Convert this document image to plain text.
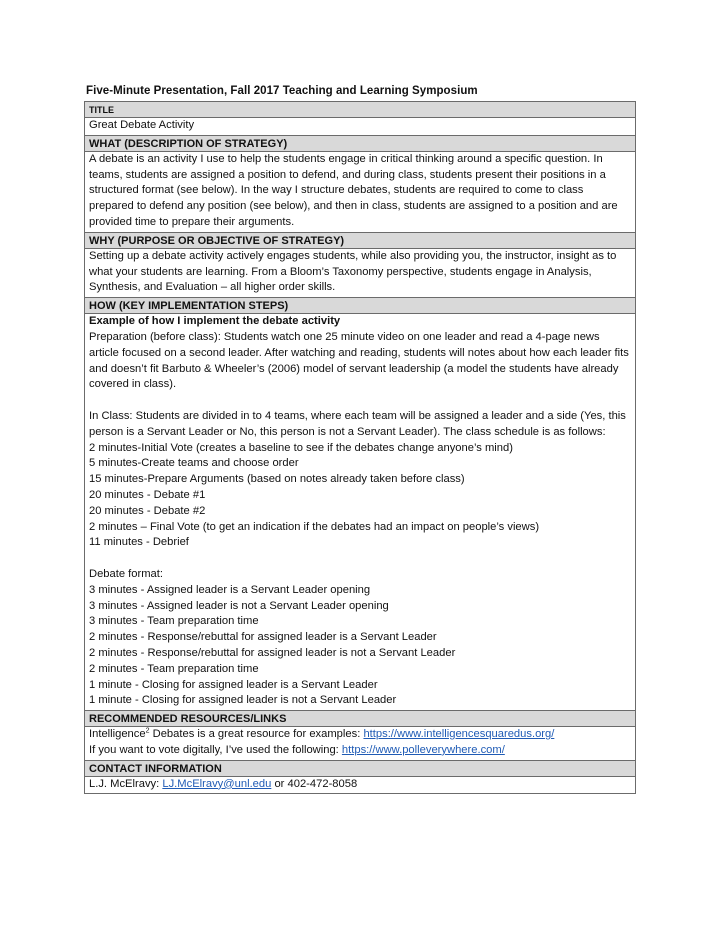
Five-Minute Presentation, Fall 2017 Teaching and Learning Symposium
TITLE
Great Debate Activity
WHAT (DESCRIPTION OF STRATEGY)

A debate is an activity I use to help the students engage in critical thinking around a specific question. In teams, students are assigned a position to defend, and during class, students present their positions in a structured format (see below). In the way I structure debates, students are required to come to class prepared to defend any position (see below), and then in class, students are assigned to a position and are provided time to prepare their arguments.

WHY (PURPOSE OR OBJECTIVE OF STRATEGY)

Setting up a debate activity actively engages students, while also providing you, the instructor, insight as to what your students are learning. From a Bloom’s Taxonomy perspective, students engage in Analysis, Synthesis, and Evaluation – all higher order skills.

HOW (KEY IMPLEMENTATION STEPS)
Example of how I implement the debate activity

Preparation (before class): Students watch one 25 minute video on one leader and read a 4-page news article focused on a second leader. After watching and reading, students will notes about how each leader fits and doesn’t fit Barbuto & Wheeler’s (2006) model of servant leadership (a model the students have already covered in class).

In Class: Students are divided in to 4 teams, where each team will be assigned a leader and a side (Yes, this person is a Servant Leader or No, this person is not a Servant Leader). The class schedule is as follows:

2 minutes-Initial Vote (creates a baseline to see if the debates change anyone’s mind)
5 minutes-Create teams and choose order
15 minutes-Prepare Arguments (based on notes already taken before class)
20 minutes - Debate #1
20 minutes - Debate #2
2 minutes – Final Vote (to get an indication if the debates had an impact on people’s views)
11 minutes - Debrief
Debate format:
3 minutes - Assigned leader is a Servant Leader opening
3 minutes - Assigned leader is not a Servant Leader opening
3 minutes - Team preparation time
2 minutes - Response/rebuttal for assigned leader is a Servant Leader
2 minutes - Response/rebuttal for assigned leader is not a Servant Leader
2 minutes - Team preparation time
1 minute - Closing for assigned leader is a Servant Leader
1 minute - Closing for assigned leader is not a Servant Leader
RECOMMENDED RESOURCES/LINKS
Intelligence$^2$ Debates is a great resource for examples: https://www.intelligencesquaredus.org/
If you want to vote digitally, I’ve used the following: https://www.polleverywhere.com/
CONTACT INFORMATION
L.J. McElravy: LJ.McElravy@unl.edu or 402-472-8058
